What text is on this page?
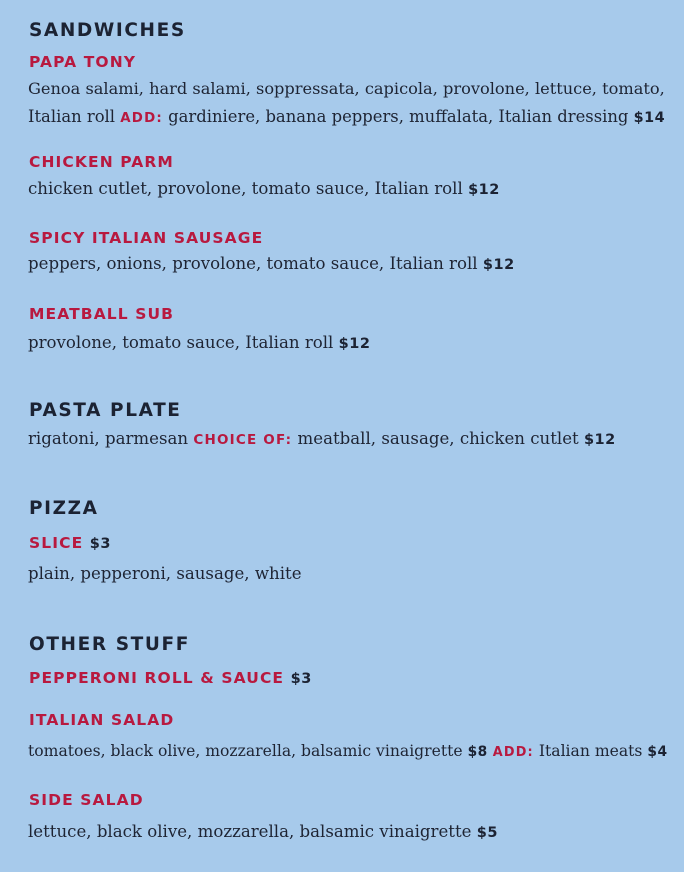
SANDWICHES
PAPA TONY
Genoa salami, hard salami, soppressata, capicola, provolone, lettuce, tomato,
Italian roll ADD: gardiniere, banana peppers, muffalata, Italian dressing $14
CHICKEN PARM
chicken cutlet, provolone, tomato sauce, Italian roll $12
SPICY ITALIAN SAUSAGE
peppers, onions, provolone, tomato sauce, Italian roll $12
MEATBALL SUB
provolone, tomato sauce, Italian roll $12
PASTA PLATE
rigatoni, parmesan CHOICE OF: meatball, sausage, chicken cutlet $12
PIZZA
SLICE $3
plain, pepperoni, sausage, white
OTHER STUFF
PEPPERONI ROLL & SAUCE $3
ITALIAN SALAD
tomatoes, black olive, mozzarella, balsamic vinaigrette $8 ADD: Italian meats $4
SIDE SALAD
lettuce, black olive, mozzarella, balsamic vinaigrette $5
